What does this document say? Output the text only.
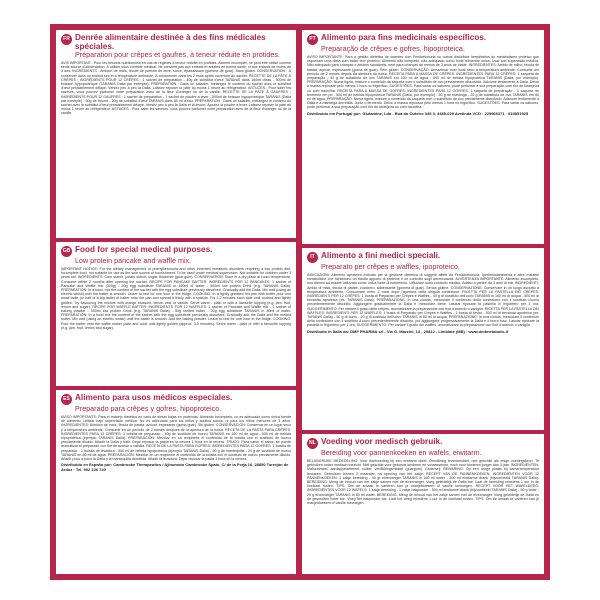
FR Denrée alimentaire destinée à des fins médicales spéciales.
Préparation pour crêpes et gaufres, à teneur réduite en protides.
AVIS IMPORTANT : Pour les besoins nutritionnels en cas de régimes à teneur réduite en protides. Aliment incomplet, ne peut être utilisé comme seule source d'alimentation. À utiliser sous contrôle médical. Ne convient pas aux enfants et adultes en bonne santé, ni aux enfants de moins de 3 ans. INGRÉDIENTS : Amidon de maïs, fécule de pomme de terre, sucre, épaississant (gomme de guar). Sans gluten. CONSERVATION : À conserver dans un endroit sec et à température ambiante. À consommer dans les 2 mois après ouverture du sachet. RECETTE DE LA PÂTE À CRÊPES : INGRÉDIENTS POUR 12 CRÊPES : 1 sachet de préparation - 40g de substitut d'œuf TARANIS dans 160ml d'eau - 500ml de boisson hypoprotéique (TARANIS Dalia par exemple). PRÉPARATION : Dans un saladier, mélangez le contenu du sachet avec le substitut d'œuf préalablement délayé. Versez peu à peu la Dalia. Laissez reposer la pâte au moins 1 heure au réfrigérateur. ASTUCES : Pour saler les saveurs, vous pouvez parfumer votre préparation avec de la fleur d'oranger ou de la vanille. RECETTE DE LA PÂTE À GAUFRES : INGRÉDIENTS POUR 12 GAUFRES : 1 sachet de préparation - 1 sachet de poudre à lever - 500ml de boisson hypoprotéique TARANIS (Dalia par exemple) - 50g de beurre - 20g de substitut d'œuf TARANIS dans 80 ml d'eau. PRÉPARATION : Dans un saladier, mélangez le contenu du sachet avec le substitut d'œuf préalablement délayé. Versez peu à peu la Dalia et la levure. Ajoutez la poudre à lever. Laissez reposer la pâte au moins 1 heure au réfrigérateur. ASTUCES : Pour saler les saveurs, vous pouvez parfumer votre préparation avec de la fleur d'oranger ou de la vanille.
GB Food for special medical purposes.
Low protein pancake and waffle mix.
IMPORTANT NOTICE: For the dietary management of phenylketonuria and other inherited metabolic disorders requiring a low protein diet. Incomplete food, not suitable for use as the sole source of nourishment. To be used under medical supervision. Not suitable for children under 3 years old. INGREDIENTS: Corn starch, potato starch, sugar, thickener (guar gum). CONSERVATION: Store in a dry place at room temperature. Consume within 2 months after opening the sachet. RECIPE FOR PANCAKE BATTER: INGREDIENTS FOR 12 PANCAKES: 1 sachet of Pancake and Waffle mix (300g) - 40g egg substitute TARANIS in 160ml of water - 500ml low protein Drink (e.g. TARANIS Dalia). PREPARATION: In a bowl, mix the content of the sachet with the egg substitute previously dissolved. Gradually add the Dalia. Mix well (using an electric whisk) until the batter is smooth. Leave to rest for one hour in the fridge. COOKING: In a lightly greased hot pan with butter pour one small ladle (or half of a big ladle) of batter onto the pan and spread it thinly with a spatula. Fry 1-2 minutes each side until cooked and lightly golden. Try flavouring the mixture with orange blossom, lemon zest or vanilla. Serve warm - plain or with a favourite topping (e.g. jam, fruit, lemon and sugar). RECIPE FOR WAFFLE BATTER: INGREDIENTS FOR 12 WAFFLES: 1 sachet of Pancake and Waffle mix - 1 sachet of baking powder - 500ml low protein Drink (e.g. TARANIS Dalia) - 50g melted butter - 20g egg substitute TARANIS in 80ml of water. PREPARATION: In a bowl mix the content of the sachet with the egg substitute previously dissolved. Gradually add the Dalia and the melted butter. Mix well (using an electric whisk) until the batter is smooth. Add the baking powder. Leave to rest for one hour in the fridge. COOKING: Pour the batter onto the waffle maker plate and cook until lightly golden (approx. 3-5 minutes). Serve warm - plain or with a favourite topping (e.g. jam, fruit, lemon and sugar).
ES Alimento para usos médicos especiales.
Preparado para crêpes y gofres, hipoproteico.
AVISO IMPORTANTE: Para el manejo dietético en caso de dietas bajas en proteínas. Alimento incompleto, no es adecuado como única fuente de alimento. Utilizar bajo supervisión médica. No es adecuado para los niños y adultos sanos, ni para los niños menores de 3 años. INGREDIENTES: Almidón de maíz, fécula de patata, azúcar, espesante (goma guar). Sin gluten. CONSERVACIÓN: Conservar en un lugar seco y a temperatura ambiente. Consumir en un periodo de 2 meses después de la apertura de la bolsa. RECETA DE LA PASTA PARA CRÊPES: INGREDIENTES PARA 12 CRÊPES: 1 bolsita de preparado - 40g de sustituto de huevo TARANIS en 160 ml de agua - 500 ml de bebida hipoproteica (ejemplo TARANIS Dalia). PREPARACIÓN: Mezclar en un recipiente el contenido de la bolsita con el sustituto de huevo previamente diluido. Añadir la Dalia y batir. Dejar reposar la pasta en la nevera 1 hora en la nevera. TRUCO: Para variar el sabor, se puede aromatizar el preparado con flor de azahar o vainilla. RECETA DE LA PASTA PARA GOFRES: INGREDIENTES PARA 12 GOFRES: 1 bolsita de preparado - 1 bolsita de levadura - 500 ml de bebida hipoproteica (ejemplo TARANIS Dalia) - 50 g de mantequilla - 20 g de sustituto de huevo TARANIS en 80 ml de agua. PREPARACIÓN: Mezclar en un recipiente el contenido de la bolsita con el sustituto de huevo previamente diluido. Añadir poco a poco la Dalia y la mantequilla derretida. Añadir la levadura. Dejar reposar la pasta 1 hora en la nevera.
Distribuido en España por: Cambrooke Therapeutics / Ajinomoto Cambrooke Spain, C/ de la Forja 16, 28850 Torrejón de Ardoz · Tel. 902 106 740
PT Alimento para fins medicinais específicos.
Preparação de crêpes e gofres, hipoproteica.
AVISO IMPORTANTE: Para a gestão dietética de doentes com Fenilcetonúria ou outros distúrbios hereditários do metabolismo proteico que requeiram uma dieta com baixo teor proteico. Alimento não completo, não adequado como fonte alimentar única. Usar sob supervisão médica. Não adequado para crianças e adultos saudáveis, nem para crianças de menos de 3 anos de idade. INGREDIENTES: Amido de milho, fécula de batata, açúcar, espessante (goma de guar). Sem glúten. CONSERVAÇÃO: Armazenar num local seco à temperatura ambiente. Consumir um período de 2 meses depois da abertura da bolsa. RECEITA PARA A MASSA DE CRÊPES: INGREDIENTES PARA 12 CRÊPES: 1 saqueta de preparação - 40 g de substituto de ovo TARANIS em 160 ml de água - 500 ml de bebida hipoproteica TARANIS (Dalia, por exemplo). PREPARAÇÃO: Numa tigela, misture o conteúdo da saqueta com o substituto de ovo previamente dissolvido. Adicione lentamente a Dalia. Deixe a massa repousar pelo menos 1 hora no frigorífico. SUGESTÕES: Para variar os sabores, pode perfumar a sua preparação com flor de laranjeira ou com baunilha. RECEITA PARA A MASSA DE GOFRES: INGREDIENTES PARA 12 GOFRES: 1 saqueta de preparação - 1 saqueta de fermento em pó - 500 ml de bebida hipoproteica TARANIS (Dalia, por exemplo) - 50 g de manteiga - 20 g de substituto de ovo TARANIS em 80 ml de água. PREPARAÇÃO: Numa tigela, misture o conteúdo da saqueta com o substituto de ovo previamente dissolvido. Adicione lentamente a Dalia e a manteiga derretida. Junte o fermento. Deixe a massa repousar pelo menos 1 hora no frigorífico. SUGESTÕES: Para variar os sabores, pode perfumar a sua preparação com flor de laranjeira ou com baunilha.
Distribuído em Portugal por: Glutamine, Lda - Rua do Outeiro 345 3, 4485-029 Avelinda VCD · 229966371 · 919851925
IT Alimento a fini medici speciali.
Preparato per crêpes e waffles, ipoproteico.
INDICAZIONI: Alimento aproteico indicato per la gestione dietetica di soggetti affetti da Fenilchetonuria, Iperfenilalaninemia e altre malattie metaboliche che richiedono un ridotto apporto di proteine e un controllo sugli amminoacidi. AVVERTENZA IMPORTANTE: Alimento incompleto, non idoneo ad essere utilizzato come unica fonte di nutrimento. Utilizzare sotto controllo medico. Adatto a partire da 3 anni di età. INGREDIENTI: Amido di mais, fecola di patate, zucchero, addensante (gomma di guar). Senza glutine. CONSERVAZIONE: Conservare in un luogo asciutto a temperatura ambiente. Consumare entro 2 mesi dopo l'apertura della singola confezione. RICETTA PER LA PASTELLA DEI CRÊPES: INGREDIENTI PER 12 CRÊPES: 1 busta di Preparato per Crêpes e Waffles - 40 g di sostituto dell'uovo TARANIS in 160 ml di acqua - 500 ml di bevanda aproteica (es. TARANIS Dalia). PREPARAZIONE: In una ciotola, mescolare il contenuto della confezione con il sostituto d'uovo precedentemente disciolto. Aggiungere gradualmente la Dalia e mescolare bene. Lasciar riposare la pastella in frigorifero per 1 ora. SUGGERIMENTO: Per variare il gusto delle crêpes, aromatizzare la preparazione con fiori d'arancio o vaniglia. RICETTA PER LA PASTELLA DEI WAFFLES: INGREDIENTI PER 12 WAFFLES: 1 busta di Preparato per Crêpes e Waffles - 1 busta di lievito - 500 ml di bevanda aproteica (es. TARANIS Dalia) - 50 g di burro - 20 g di sostituto dell'uovo TARANIS in 80 ml di acqua. PREPARAZIONE: In una ciotola, mescolare il contenuto della confezione con il sostituto d'uovo precedentemente disciolto, poi aggiungere progressivamente la Dalia e il burro fuso. Lasciar riposare la pastella in frigorifero per 1 ora. SUGGERIMENTO: Per variare il gusto dei waffles, aromatizzare la preparazione con fiori d'arancio o vaniglia.
Distribuito in Italia da: DMF PHARMA srl - Via G. Mazzini, 13 - 20812 - Limbiate (MB) · www.dmfmetabolic.it
NL Voeding voor medisch gebruik.
Bereiding voor pannenkoeken en wafels, eiwitarm.
BELANGRIJKE MEDEDELING: Voor doelvoeding bij een eiwitarm dieet. Onvolledig levensmiddel, niet geschikt als enige voedingsbron. Te gebruiken onder medisch toezicht. Niet geschikt voor gezonde kinderen en volwassenen, noch voor kinderen jonger dan 3 jaar. INGREDIËNTEN: Maïszetmeel, aardappelzetmeel, suiker, verdikkingsmiddel (guargom). Glutenvrij. BEWARING: Op een droge plaats bij kamertemperatuur bewaren. Gebruiken binnen 2 maanden na opening van het zakje. RECEPT VAN DE PANNENKOEKEN: INGREDIËNTEN VOOR 12 PANNENKOEKEN: 1 zakje bereiding - 40 gr eivervanger TARANIS in 160 ml water - 500 ml eiwitarme drank (bijvoorbeeld TARANIS Dalia). BEREIDING: Meng de inhoud van het zakje samen met de eivervanger. Voeg geleidelijk de Dalia toe. Laat de bereiding minstens 1 uur in de koelkast rusten. TIPS: Om de smaak te variëren kan je oranjebloesem of vanille toevoegen. RECEPT VOOR HET WAFELDEEG: INGREDIËNTEN VOOR 12 WAFELS: 1 zakje bereiding - 1 zakje bakpoeder - 500 ml eiwitarme drank (bijvoorbeeld TARANIS Dalia) - 50 g boter - 20 g eivervanger TARANIS in 80 ml water. BEREIDING: Meng de inhoud van het zakje samen met de eivervanger. Voeg geleidelijk de Dalia en de gesmolten boter toe. Voeg het bakpoeder toe. Laat het deeg minstens 1 uur in de koelkast rusten. TIPS: Om de smaak te variëren kan je oranjebloesem of vanille toevoegen.
